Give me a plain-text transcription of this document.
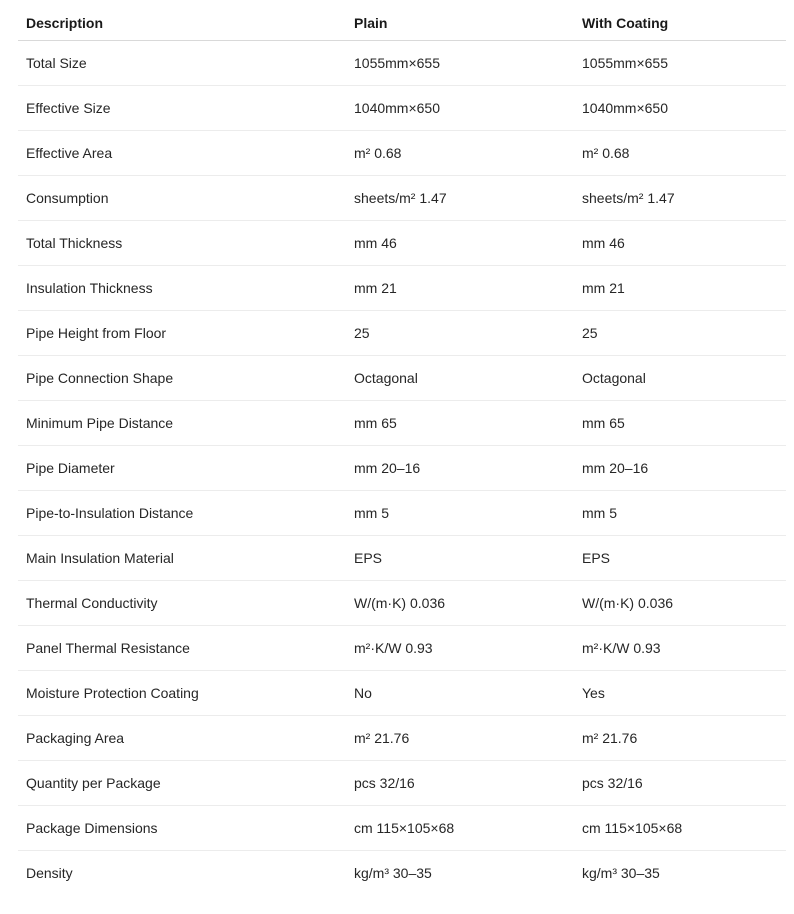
Description	Plain	With Coating
Total Size	1055mm×655	1055mm×655
Effective Size	1040mm×650	1040mm×650
Effective Area	m² 0.68	m² 0.68
Consumption	sheets/m² 1.47	sheets/m² 1.47
Total Thickness	mm 46	mm 46
Insulation Thickness	mm 21	mm 21
Pipe Height from Floor	25	25
Pipe Connection Shape	Octagonal	Octagonal
Minimum Pipe Distance	mm 65	mm 65
Pipe Diameter	mm 20–16	mm 20–16
Pipe-to-Insulation Distance	mm 5	mm 5
Main Insulation Material	EPS	EPS
Thermal Conductivity	W/(m·K) 0.036	W/(m·K) 0.036
Panel Thermal Resistance	m²·K/W 0.93	m²·K/W 0.93
Moisture Protection Coating	No	Yes
Packaging Area	m² 21.76	m² 21.76
Quantity per Package	pcs 32/16	pcs 32/16
Package Dimensions	cm 115×105×68	cm 115×105×68
Density	kg/m³ 30–35	kg/m³ 30–35
